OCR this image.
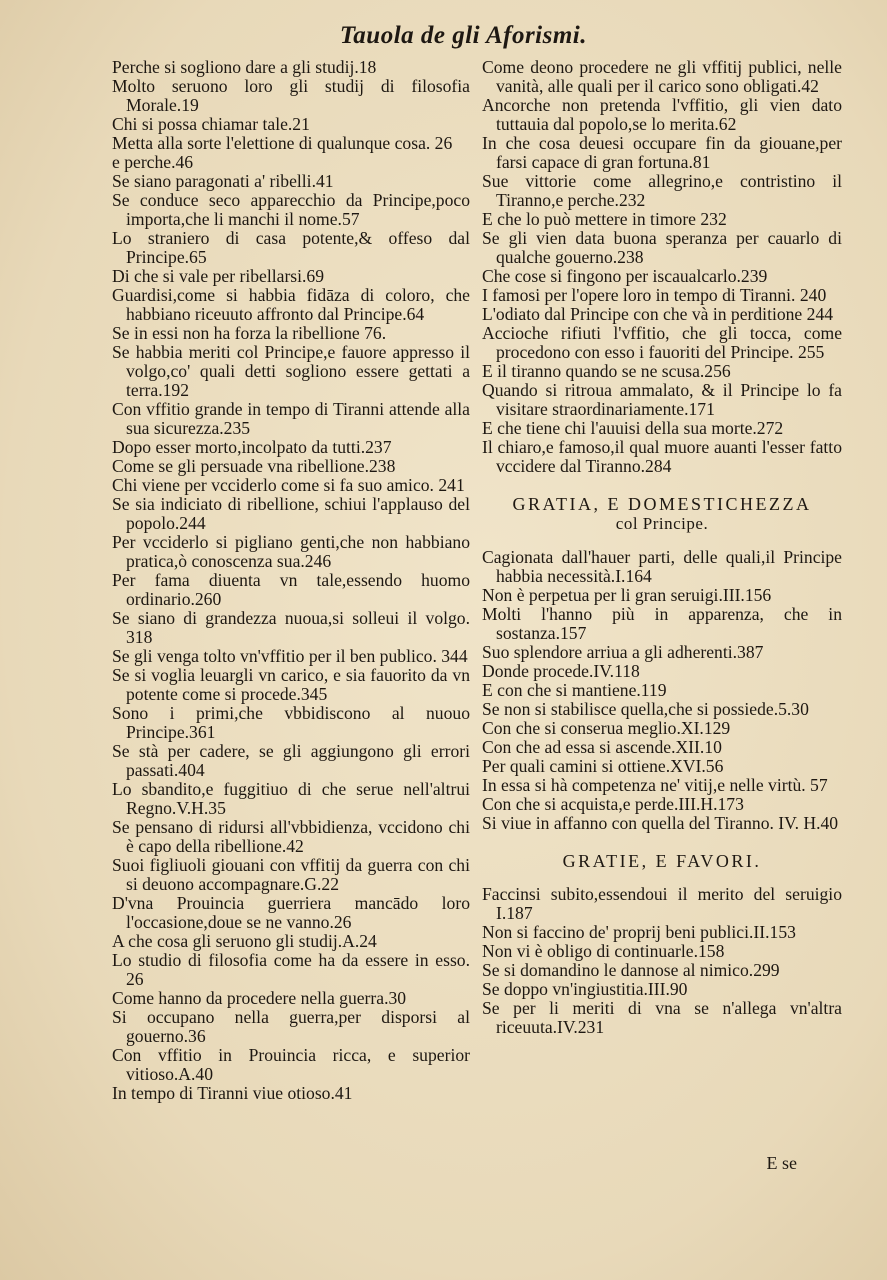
Tauola de gli Aforismi.

Perche si sogliono dare a gli studij.18

Molto seruono loro gli studij di filosofia Morale.19

Chi si possa chiamar tale.21

Metta alla sorte l'elettione di qualunque cosa. 26

e perche.46

Se siano paragonati a' ribelli.41

Se conduce seco apparecchio da Principe,poco importa,che li manchi il nome.57

Lo straniero di casa potente,& offeso dal Principe.65

Di che si vale per ribellarsi.69

Guardisi,come si habbia fidāza di coloro, che habbiano riceuuto affronto dal Principe.64

Se in essi non ha forza la ribellione 76.

Se habbia meriti col Principe,e fauore appresso il volgo,co' quali detti sogliono essere gettati a terra.192

Con vffitio grande in tempo di Tiranni attende alla sua sicurezza.235

Dopo esser morto,incolpato da tutti.237

Come se gli persuade vna ribellione.238

Chi viene per vcciderlo come si fa suo amico. 241

Se sia indiciato di ribellione, schiui l'applauso del popolo.244

Per vcciderlo si pigliano genti,che non habbiano pratica,ò conoscenza sua.246

Per fama diuenta vn tale,essendo huomo ordinario.260

Se siano di grandezza nuoua,si solleui il volgo. 318

Se gli venga tolto vn'vffitio per il ben publico. 344

Se si voglia leuargli vn carico, e sia fauorito da vn potente come si procede.345

Sono i primi,che vbbidiscono al nuouo Principe.361

Se stà per cadere, se gli aggiungono gli errori passati.404

Lo sbandito,e fuggitiuo di che serue nell'altrui Regno.V.H.35

Se pensano di ridursi all'vbbidienza, vccidono chi è capo della ribellione.42

Suoi figliuoli giouani con vffitij da guerra con chi si deuono accompagnare.G.22

D'vna Prouincia guerriera mancādo loro l'occasione,doue se ne vanno.26

A che cosa gli seruono gli studij.A.24

Lo studio di filosofia come ha da essere in esso. 26

Come hanno da procedere nella guerra.30

Si occupano nella guerra,per disporsi al gouerno.36

Con vffitio in Prouincia ricca, e superior vitioso.A.40

In tempo di Tiranni viue otioso.41

Come deono procedere ne gli vffitij publici, nelle vanità, alle quali per il carico sono obligati.42

Ancorche non pretenda l'vffitio, gli vien dato tuttauia dal popolo,se lo merita.62

In che cosa deuesi occupare fin da giouane,per farsi capace di gran fortuna.81

Sue vittorie come allegrino,e contristino il Tiranno,e perche.232

E che lo può mettere in timore 232

Se gli vien data buona speranza per cauarlo di qualche gouerno.238

Che cose si fingono per iscaualcarlo.239

I famosi per l'opere loro in tempo di Tiranni. 240

L'odiato dal Principe con che và in perditione 244

Accioche rifiuti l'vffitio, che gli tocca, come procedono con esso i fauoriti del Principe. 255

E il tiranno quando se ne scusa.256

Quando si ritroua ammalato, & il Principe lo fa visitare straordinariamente.171

E che tiene chi l'auuisi della sua morte.272

Il chiaro,e famoso,il qual muore auanti l'esser fatto vccidere dal Tiranno.284

GRATIA, E DOMESTICHEZZA
col Principe.

Cagionata dall'hauer parti, delle quali,il Principe habbia necessità.I.164

Non è perpetua per li gran seruigi.III.156

Molti l'hanno più in apparenza, che in sostanza.157

Suo splendore arriua a gli adherenti.387

Donde procede.IV.118

E con che si mantiene.119

Se non si stabilisce quella,che si possiede.5.30

Con che si conserua meglio.XI.129

Con che ad essa si ascende.XII.10

Per quali camini si ottiene.XVI.56

In essa si hà competenza ne' vitij,e nelle virtù. 57

Con che si acquista,e perde.III.H.173

Si viue in affanno con quella del Tiranno. IV. H.40

GRATIE, E FAVORI.

Faccinsi subito,essendoui il merito del seruigio I.187

Non si faccino de' proprij beni publici.II.153

Non vi è obligo di continuarle.158

Se si domandino le dannose al nimico.299

Se doppo vn'ingiustitia.III.90

Se per li meriti di vna se n'allega vn'altra riceuuta.IV.231

E se
